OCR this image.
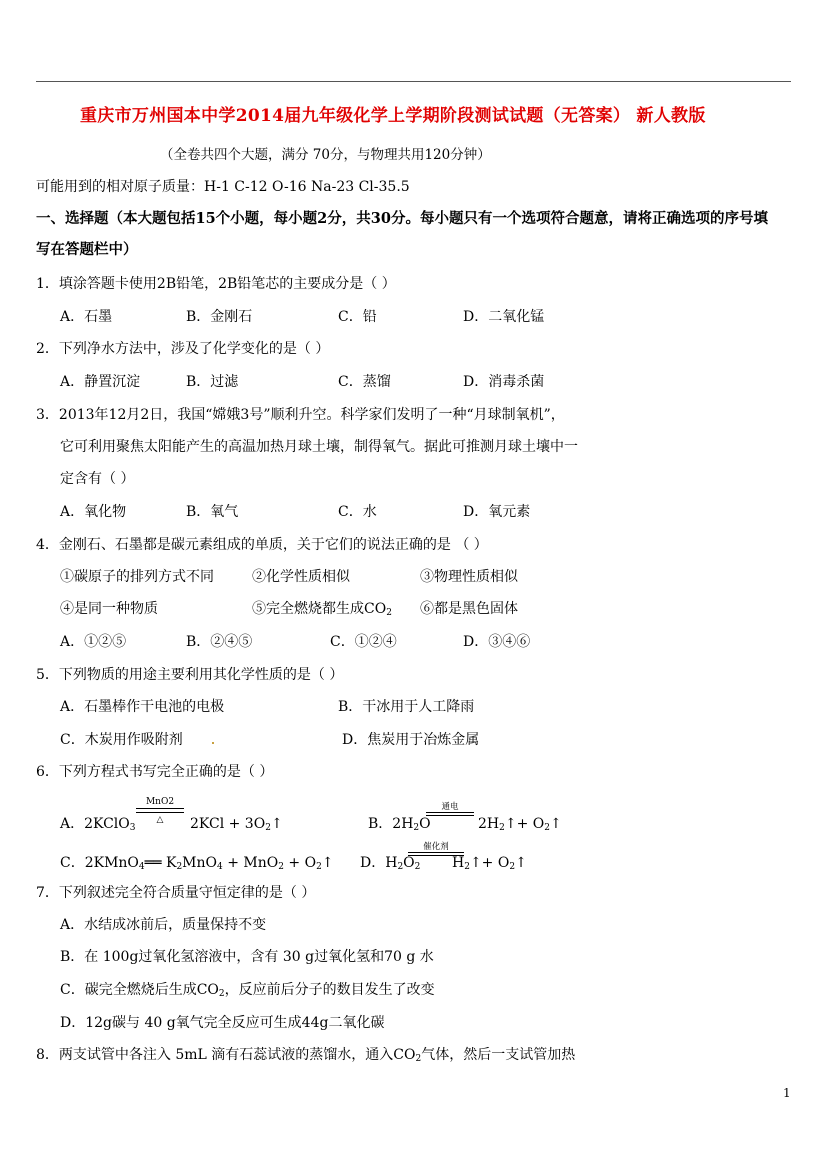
重庆市万州国本中学2014届九年级化学上学期阶段测试试题（无答案） 新人教版
（全卷共四个大题，满分 70分，与物理共用120分钟）
可能用到的相对原子质量：H-1 C-12 O-16 Na-23 Cl-35.5
一、选择题（本大题包括15个小题，每小题2分，共30分。每小题只有一个选项符合题意，请将正确选项的序号填
写在答题栏中）
1．填涂答题卡使用2B铅笔，2B铅笔芯的主要成分是（ ）
A．石墨	B．金刚石	C．铅	D．二氧化锰
2．下列净水方法中，涉及了化学变化的是（ ）
A．静置沉淀	B．过滤	C．蒸馏	D．消毒杀菌
3．2013年12月2日，我国“嫦娥3号”顺利升空。科学家们发明了一种“月球制氧机”，
它可利用聚焦太阳能产生的高温加热月球土壤，制得氧气。据此可推测月球土壤中一
定含有（ ）
A．氧化物	B．氧气	C．水	D．氧元素
4．金刚石、石墨都是碳元素组成的单质，关于它们的说法正确的是 （ ）
①碳原子的排列方式不同	②化学性质相似	③物理性质相似
④是同一种物质	⑤完全燃烧都生成$CO_2$ ⑥都是黑色固体
A．①②⑤	B．②④⑤	C．①②④	D．③④⑥
5．下列物质的用途主要利用其化学性质的是（ ）
A．石墨棒作干电池的电极	B．干冰用于人工降雨
C．木炭用作吸附剂	D．焦炭用于冶炼金属
6．下列方程式书写完全正确的是（ ）
A．2KClO$_3$
MnO2
△	$2KCl + 3O_2↑$	B．$2H_2O$
通电
$2H_2↑+$ $O_2↑$
C．2KMnO$_4$══ $K_2MnO_4 + MnO_2$ + $O_2↑$ D．$H_2O_2$
催化剂
$H_2↑+$ $O_2↑$
7．下列叙述完全符合质量守恒定律的是（ ）
A．水结成冰前后，质量保持不变
B．在 100g过氧化氢溶液中，含有 30 g过氧化氢和70 g 水
C．碳完全燃烧后生成$CO_2$，反应前后分子的数目发生了改变
D．12g碳与 40 g氧气完全反应可生成44g二氧化碳
8．两支试管中各注入 5mL 滴有石蕊试液的蒸馏水，通入$CO_2$气体，然后一支试管加热
1
